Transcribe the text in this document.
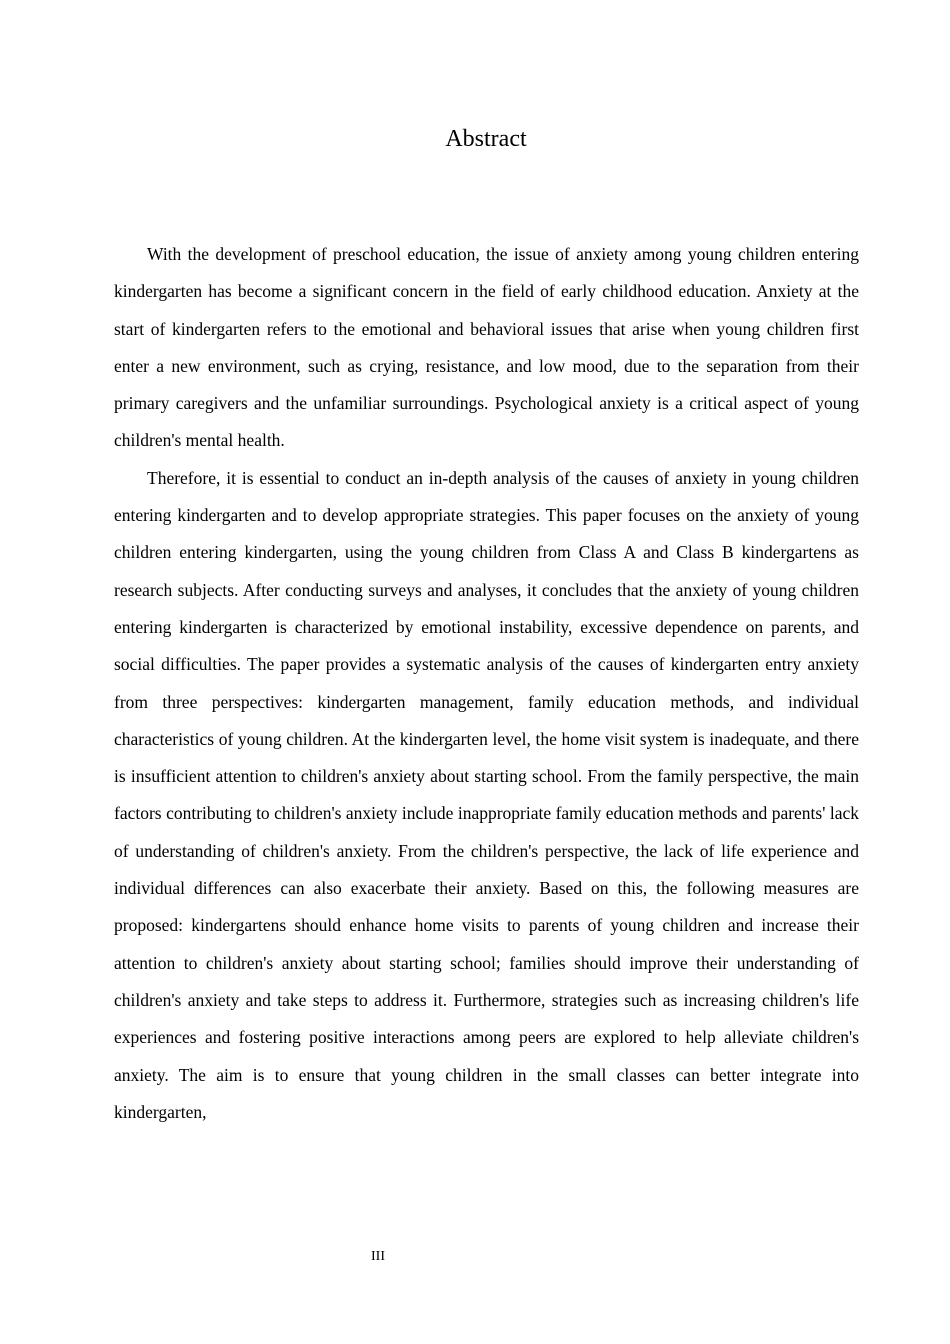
Abstract

With the development of preschool education, the issue of anxiety among young children entering kindergarten has become a significant concern in the field of early childhood education. Anxiety at the start of kindergarten refers to the emotional and behavioral issues that arise when young children first enter a new environment, such as crying, resistance, and low mood, due to the separation from their primary caregivers and the unfamiliar surroundings. Psychological anxiety is a critical aspect of young children's mental health.

Therefore, it is essential to conduct an in-depth analysis of the causes of anxiety in young children entering kindergarten and to develop appropriate strategies. This paper focuses on the anxiety of young children entering kindergarten, using the young children from Class A and Class B kindergartens as research subjects. After conducting surveys and analyses, it concludes that the anxiety of young children entering kindergarten is characterized by emotional instability, excessive dependence on parents, and social difficulties. The paper provides a systematic analysis of the causes of kindergarten entry anxiety from three perspectives: kindergarten management, family education methods, and individual characteristics of young children. At the kindergarten level, the home visit system is inadequate, and there is insufficient attention to children's anxiety about starting school. From the family perspective, the main factors contributing to children's anxiety include inappropriate family education methods and parents' lack of understanding of children's anxiety. From the children's perspective, the lack of life experience and individual differences can also exacerbate their anxiety. Based on this, the following measures are proposed: kindergartens should enhance home visits to parents of young children and increase their attention to children's anxiety about starting school; families should improve their understanding of children's anxiety and take steps to address it. Furthermore, strategies such as increasing children's life experiences and fostering positive interactions among peers are explored to help alleviate children's anxiety. The aim is to ensure that young children in the small classes can better integrate into kindergarten,

III
